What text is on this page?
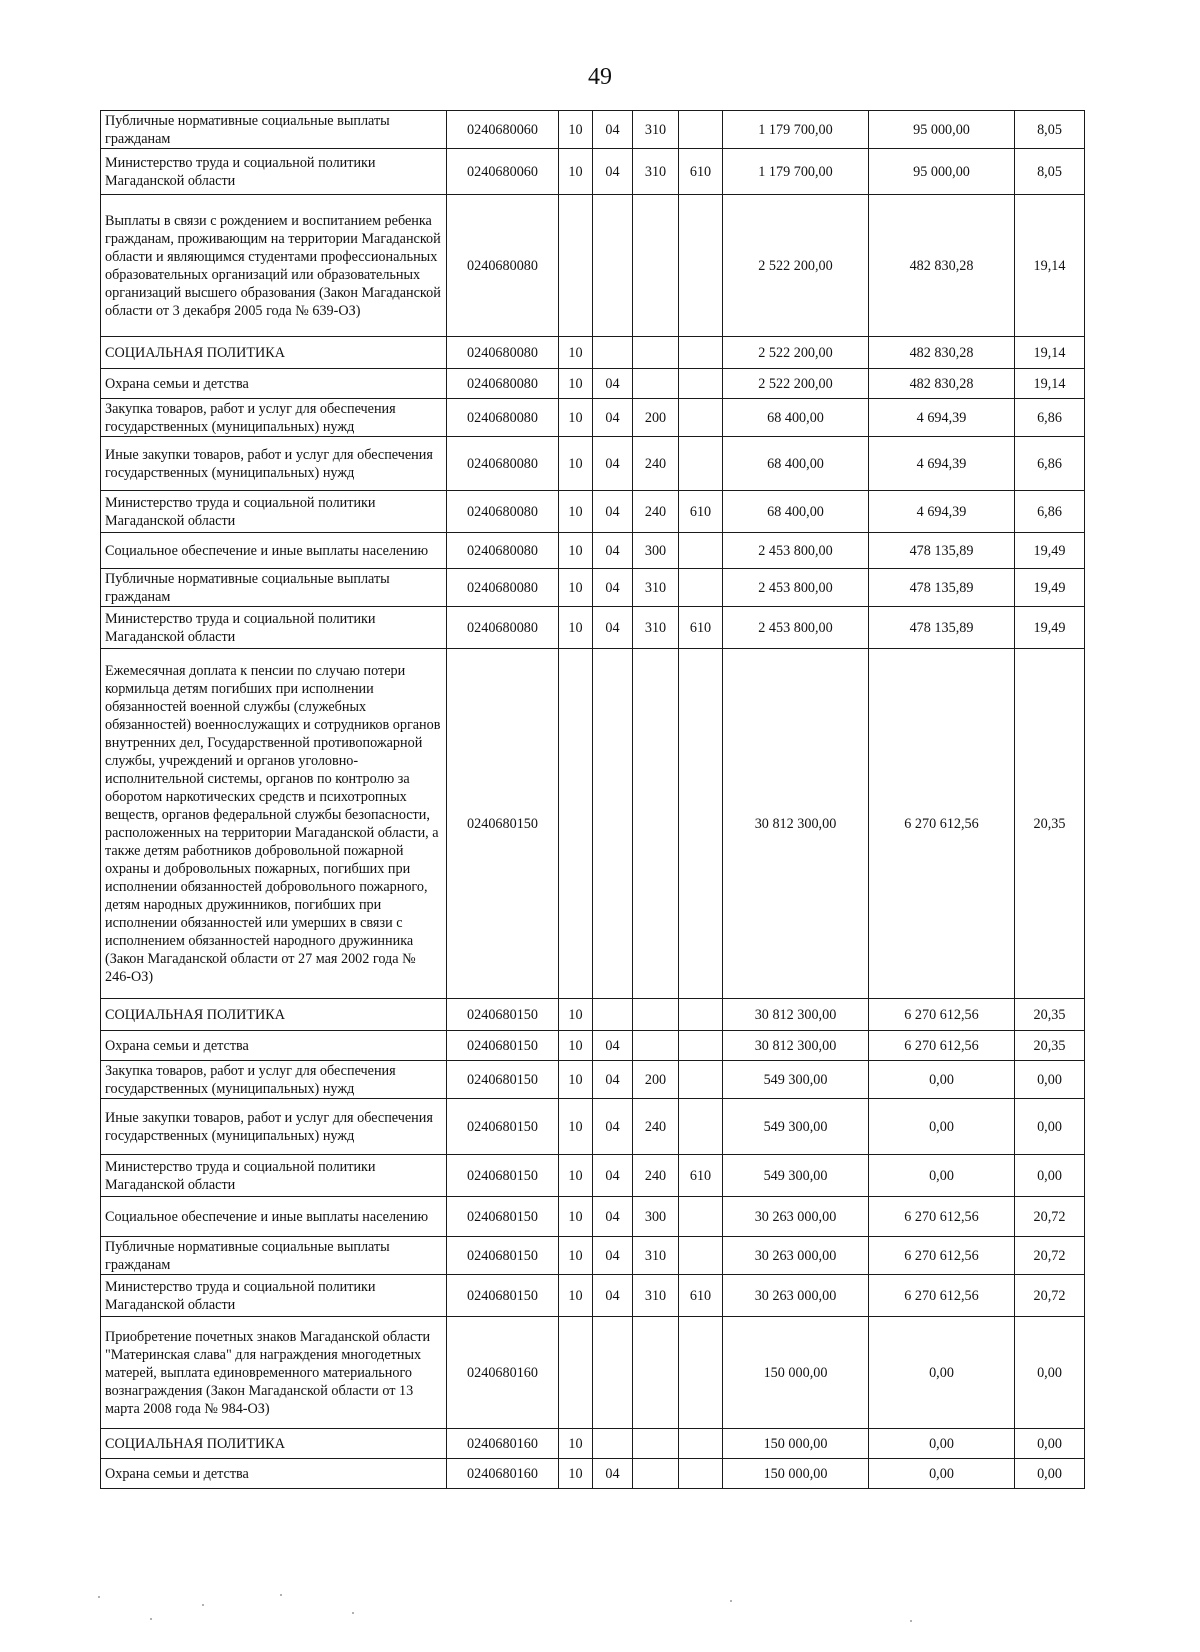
49
Публичные нормативные социальные выплаты гражданам	0240680060	10	04	310		1 179 700,00	95 000,00	8,05
Министерство труда и социальной политики Магаданской области	0240680060	10	04	310	610	1 179 700,00	95 000,00	8,05
Выплаты в связи с рождением и воспитанием ребенка гражданам, проживающим на территории Магаданской области и являющимся студентами профессиональных образовательных организаций или образовательных организаций высшего образования (Закон Магаданской области от 3 декабря 2005 года № 639-ОЗ)	0240680080					2 522 200,00	482 830,28	19,14
СОЦИАЛЬНАЯ ПОЛИТИКА	0240680080	10				2 522 200,00	482 830,28	19,14
Охрана семьи и детства	0240680080	10	04			2 522 200,00	482 830,28	19,14
Закупка товаров, работ и услуг для обеспечения государственных (муниципальных) нужд	0240680080	10	04	200		68 400,00	4 694,39	6,86
Иные закупки товаров, работ и услуг для обеспечения государственных (муниципальных) нужд	0240680080	10	04	240		68 400,00	4 694,39	6,86
Министерство труда и социальной политики Магаданской области	0240680080	10	04	240	610	68 400,00	4 694,39	6,86
Социальное обеспечение и иные выплаты населению	0240680080	10	04	300		2 453 800,00	478 135,89	19,49
Публичные нормативные социальные выплаты гражданам	0240680080	10	04	310		2 453 800,00	478 135,89	19,49
Министерство труда и социальной политики Магаданской области	0240680080	10	04	310	610	2 453 800,00	478 135,89	19,49
Ежемесячная доплата к пенсии по случаю потери кормильца детям погибших при исполнении обязанностей военной службы (служебных обязанностей) военнослужащих и сотрудников органов внутренних дел, Государственной противопожарной службы, учреждений и органов уголовно-исполнительной системы, органов по контролю за оборотом наркотических средств и психотропных веществ, органов федеральной службы безопасности, расположенных на территории Магаданской области, а также детям работников добровольной пожарной охраны и добровольных пожарных, погибших при исполнении обязанностей добровольного пожарного, детям народных дружинников, погибших при исполнении обязанностей или умерших в связи с исполнением обязанностей народного дружинника (Закон Магаданской области от 27 мая 2002 года № 246-ОЗ)	0240680150					30 812 300,00	6 270 612,56	20,35
СОЦИАЛЬНАЯ ПОЛИТИКА	0240680150	10				30 812 300,00	6 270 612,56	20,35
Охрана семьи и детства	0240680150	10	04			30 812 300,00	6 270 612,56	20,35
Закупка товаров, работ и услуг для обеспечения государственных (муниципальных) нужд	0240680150	10	04	200		549 300,00	0,00	0,00
Иные закупки товаров, работ и услуг для обеспечения государственных (муниципальных) нужд	0240680150	10	04	240		549 300,00	0,00	0,00
Министерство труда и социальной политики Магаданской области	0240680150	10	04	240	610	549 300,00	0,00	0,00
Социальное обеспечение и иные выплаты населению	0240680150	10	04	300		30 263 000,00	6 270 612,56	20,72
Публичные нормативные социальные выплаты гражданам	0240680150	10	04	310		30 263 000,00	6 270 612,56	20,72
Министерство труда и социальной политики Магаданской области	0240680150	10	04	310	610	30 263 000,00	6 270 612,56	20,72
Приобретение почетных знаков Магаданской области "Материнская слава" для награждения многодетных матерей, выплата единовременного материального вознаграждения (Закон Магаданской области от 13 марта 2008 года № 984-ОЗ)	0240680160					150 000,00	0,00	0,00
СОЦИАЛЬНАЯ ПОЛИТИКА	0240680160	10				150 000,00	0,00	0,00
Охрана семьи и детства	0240680160	10	04			150 000,00	0,00	0,00
